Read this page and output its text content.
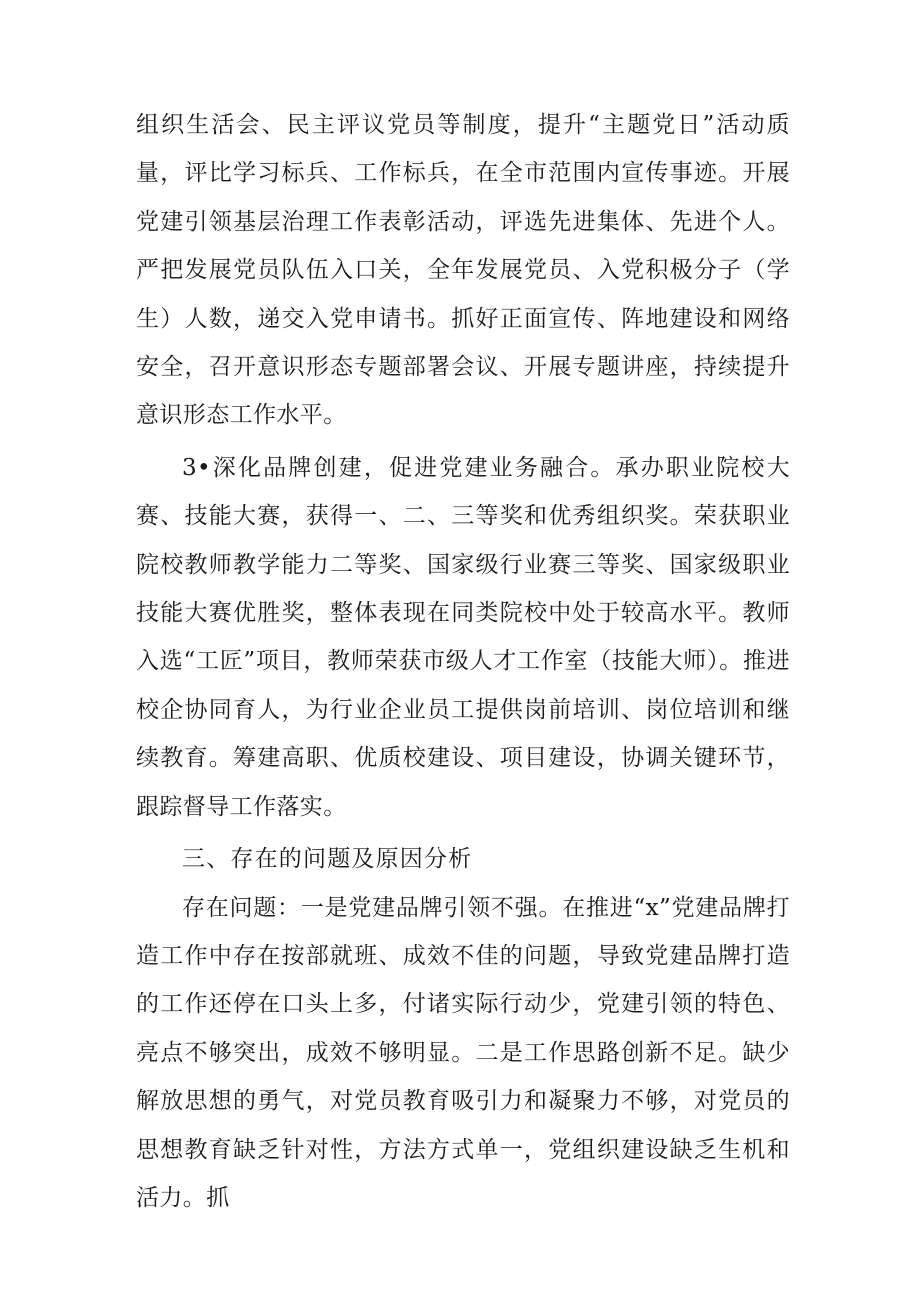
组织生活会、民主评议党员等制度，提升“主题党日”活动质量，评比学习标兵、工作标兵，在全市范围内宣传事迹。开展党建引领基层治理工作表彰活动，评选先进集体、先进个人。严把发展党员队伍入口关，全年发展党员、入党积极分子（学生）人数，递交入党申请书。抓好正面宣传、阵地建设和网络安全，召开意识形态专题部署会议、开展专题讲座，持续提升意识形态工作水平。

3•深化品牌创建，促进党建业务融合。承办职业院校大赛、技能大赛，获得一、二、三等奖和优秀组织奖。荣获职业院校教师教学能力二等奖、国家级行业赛三等奖、国家级职业技能大赛优胜奖，整体表现在同类院校中处于较高水平。教师入选“工匠”项目，教师荣获市级人才工作室（技能大师）。推进校企协同育人，为行业企业员工提供岗前培训、岗位培训和继续教育。筹建高职、优质校建设、项目建设，协调关键环节，跟踪督导工作落实。

三、存在的问题及原因分析

存在问题：一是党建品牌引领不强。在推进“x”党建品牌打造工作中存在按部就班、成效不佳的问题，导致党建品牌打造的工作还停在口头上多，付诸实际行动少，党建引领的特色、亮点不够突出，成效不够明显。二是工作思路创新不足。缺少解放思想的勇气，对党员教育吸引力和凝聚力不够，对党员的思想教育缺乏针对性，方法方式单一，党组织建设缺乏生机和活力。抓
